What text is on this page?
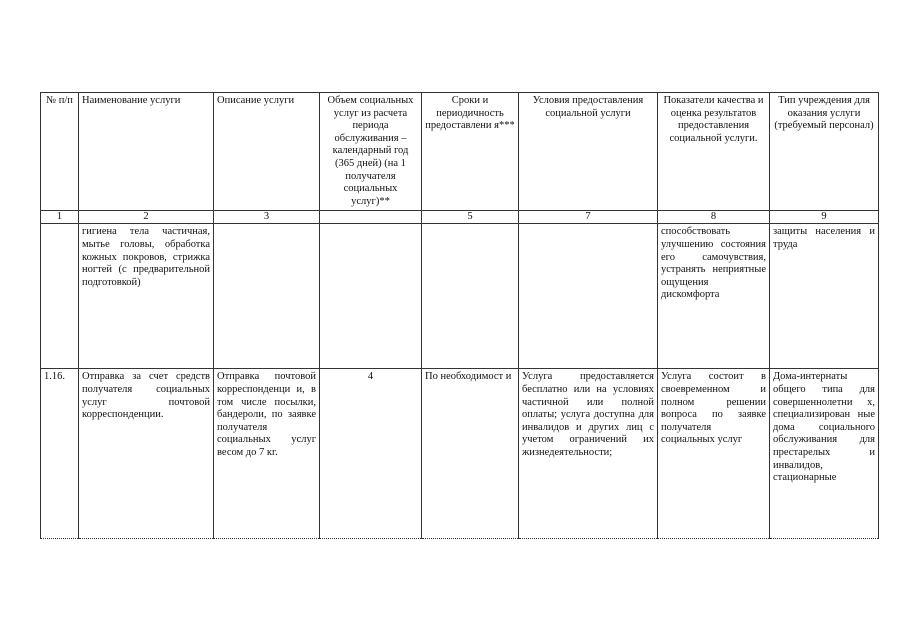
№ п/п	Наименование услуги	Описание услуги	Объем социальных услуг из расчета периода обслуживания – календарный год (365 дней) (на 1 получателя социальных услуг)**	Сроки и периодичность предоставлени я***	Условия предоставления социальной услуги	Показатели качества и оценка результатов предоставления социальной услуги.	Тип учреждения для оказания услуги (требуемый персонал)
1	2	3		5	7	8	9
	гигиена тела частичная, мытье головы, обработка кожных покровов, стрижка ногтей (с предварительной подготовкой)					способствовать улучшению состояния его самочувствия, устранять неприятные ощущения дискомфорта	защиты населения и труда
1.16.	Отправка за счет средств получателя социальных услуг почтовой корреспонденции.	Отправка почтовой корреспонденци и, в том числе посылки, бандероли, по заявке получателя социальных услуг весом до 7 кг.	4	По необходимост и	Услуга предоставляется бесплатно или на условиях частичной или полной оплаты; услуга доступна для инвалидов и других лиц с учетом ограничений их жизнедеятельности;	Услуга состоит в своевременном и полном решении вопроса по заявке получателя социальных услуг	Дома-интернаты общего типа для совершеннолетни х, специализирован ные дома социального обслуживания для престарелых и инвалидов, стационарные
